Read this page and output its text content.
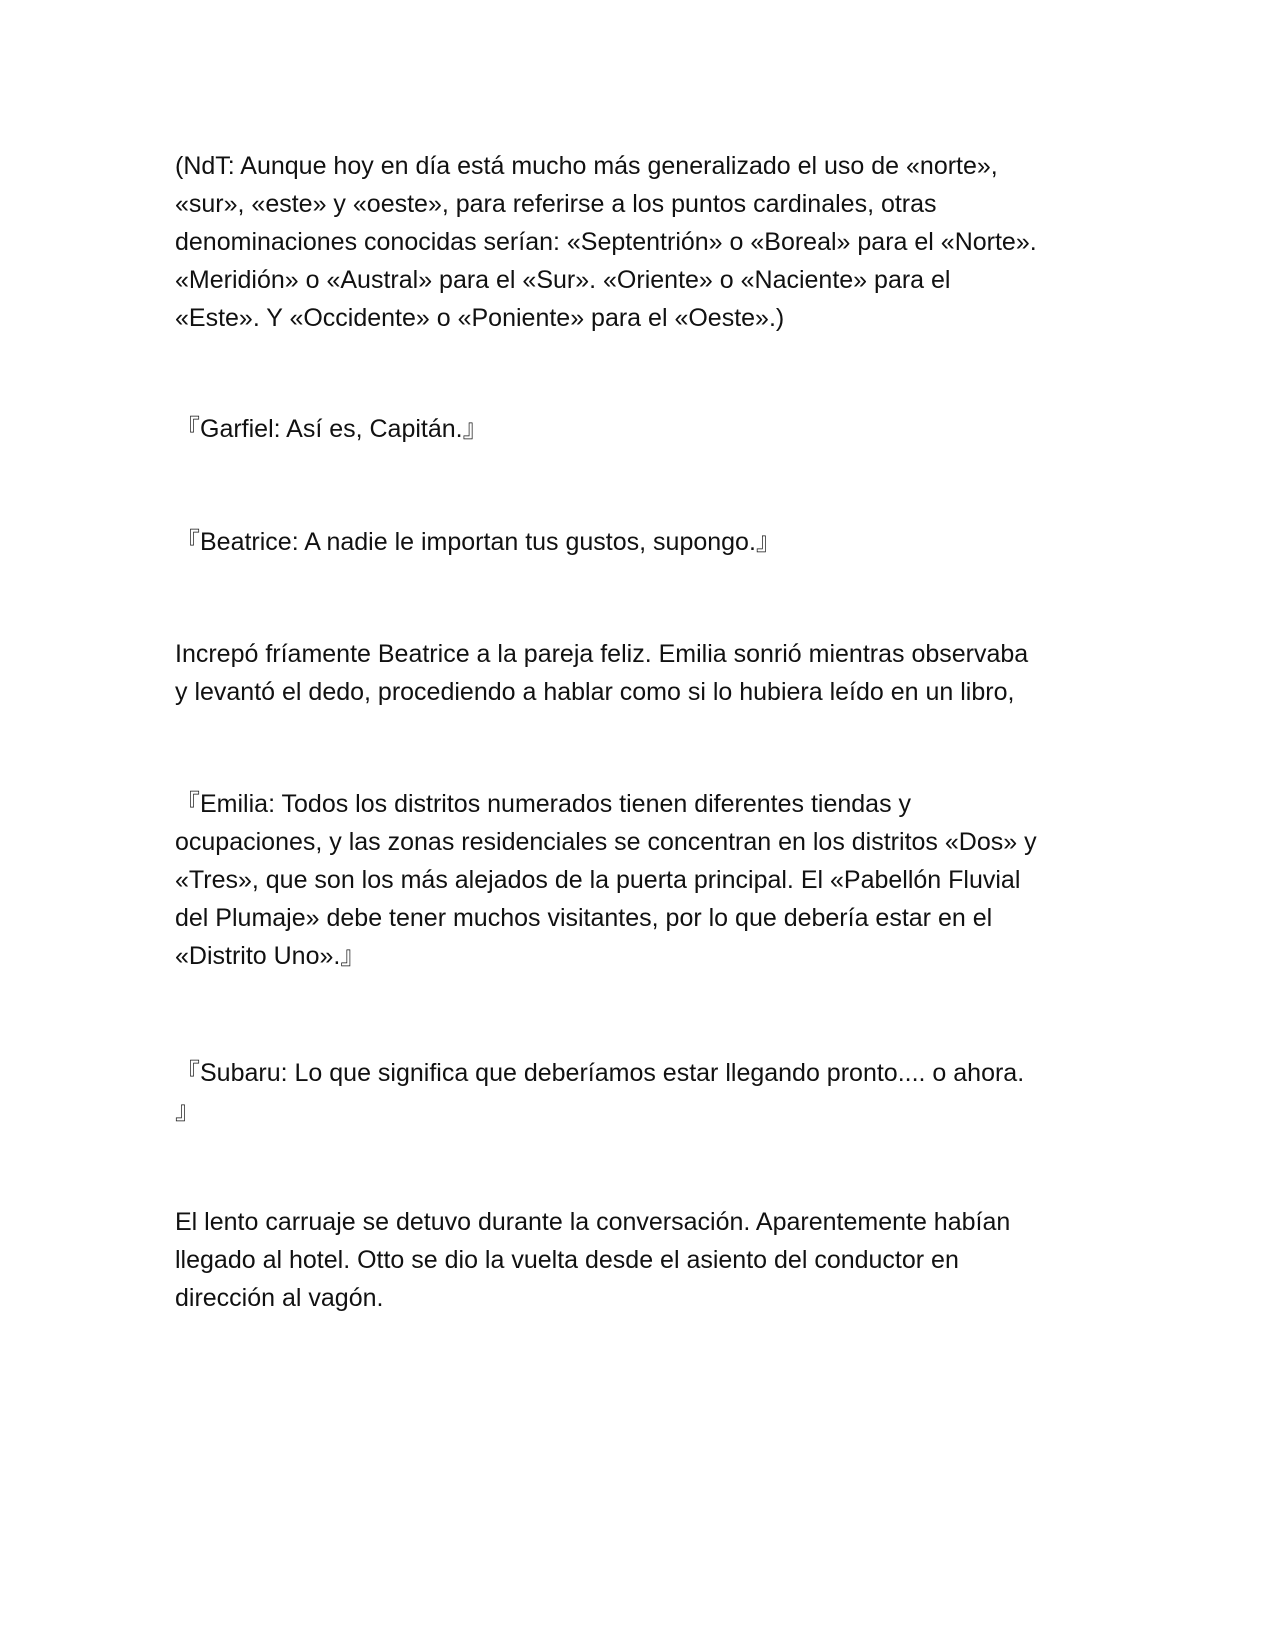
(NdT: Aunque hoy en día está mucho más generalizado el uso de «norte»,
«sur», «este» y «oeste», para referirse a los puntos cardinales, otras
denominaciones conocidas serían: «Septentrión» o «Boreal» para el «Norte».
«Meridión» o «Austral» para el «Sur». «Oriente» o «Naciente» para el
«Este». Y «Occidente» o «Poniente» para el «Oeste».)

『Garfiel: Así es, Capitán.』

『Beatrice: A nadie le importan tus gustos, supongo.』

Increpó fríamente Beatrice a la pareja feliz. Emilia sonrió mientras observaba
y levantó el dedo, procediendo a hablar como si lo hubiera leído en un libro,

『Emilia: Todos los distritos numerados tienen diferentes tiendas y
ocupaciones, y las zonas residenciales se concentran en los distritos «Dos» y
«Tres», que son los más alejados de la puerta principal. El «Pabellón Fluvial
del Plumaje» debe tener muchos visitantes, por lo que debería estar en el
«Distrito Uno».』

『Subaru: Lo que significa que deberíamos estar llegando pronto.... o ahora.
』

El lento carruaje se detuvo durante la conversación. Aparentemente habían
llegado al hotel. Otto se dio la vuelta desde el asiento del conductor en
dirección al vagón.
